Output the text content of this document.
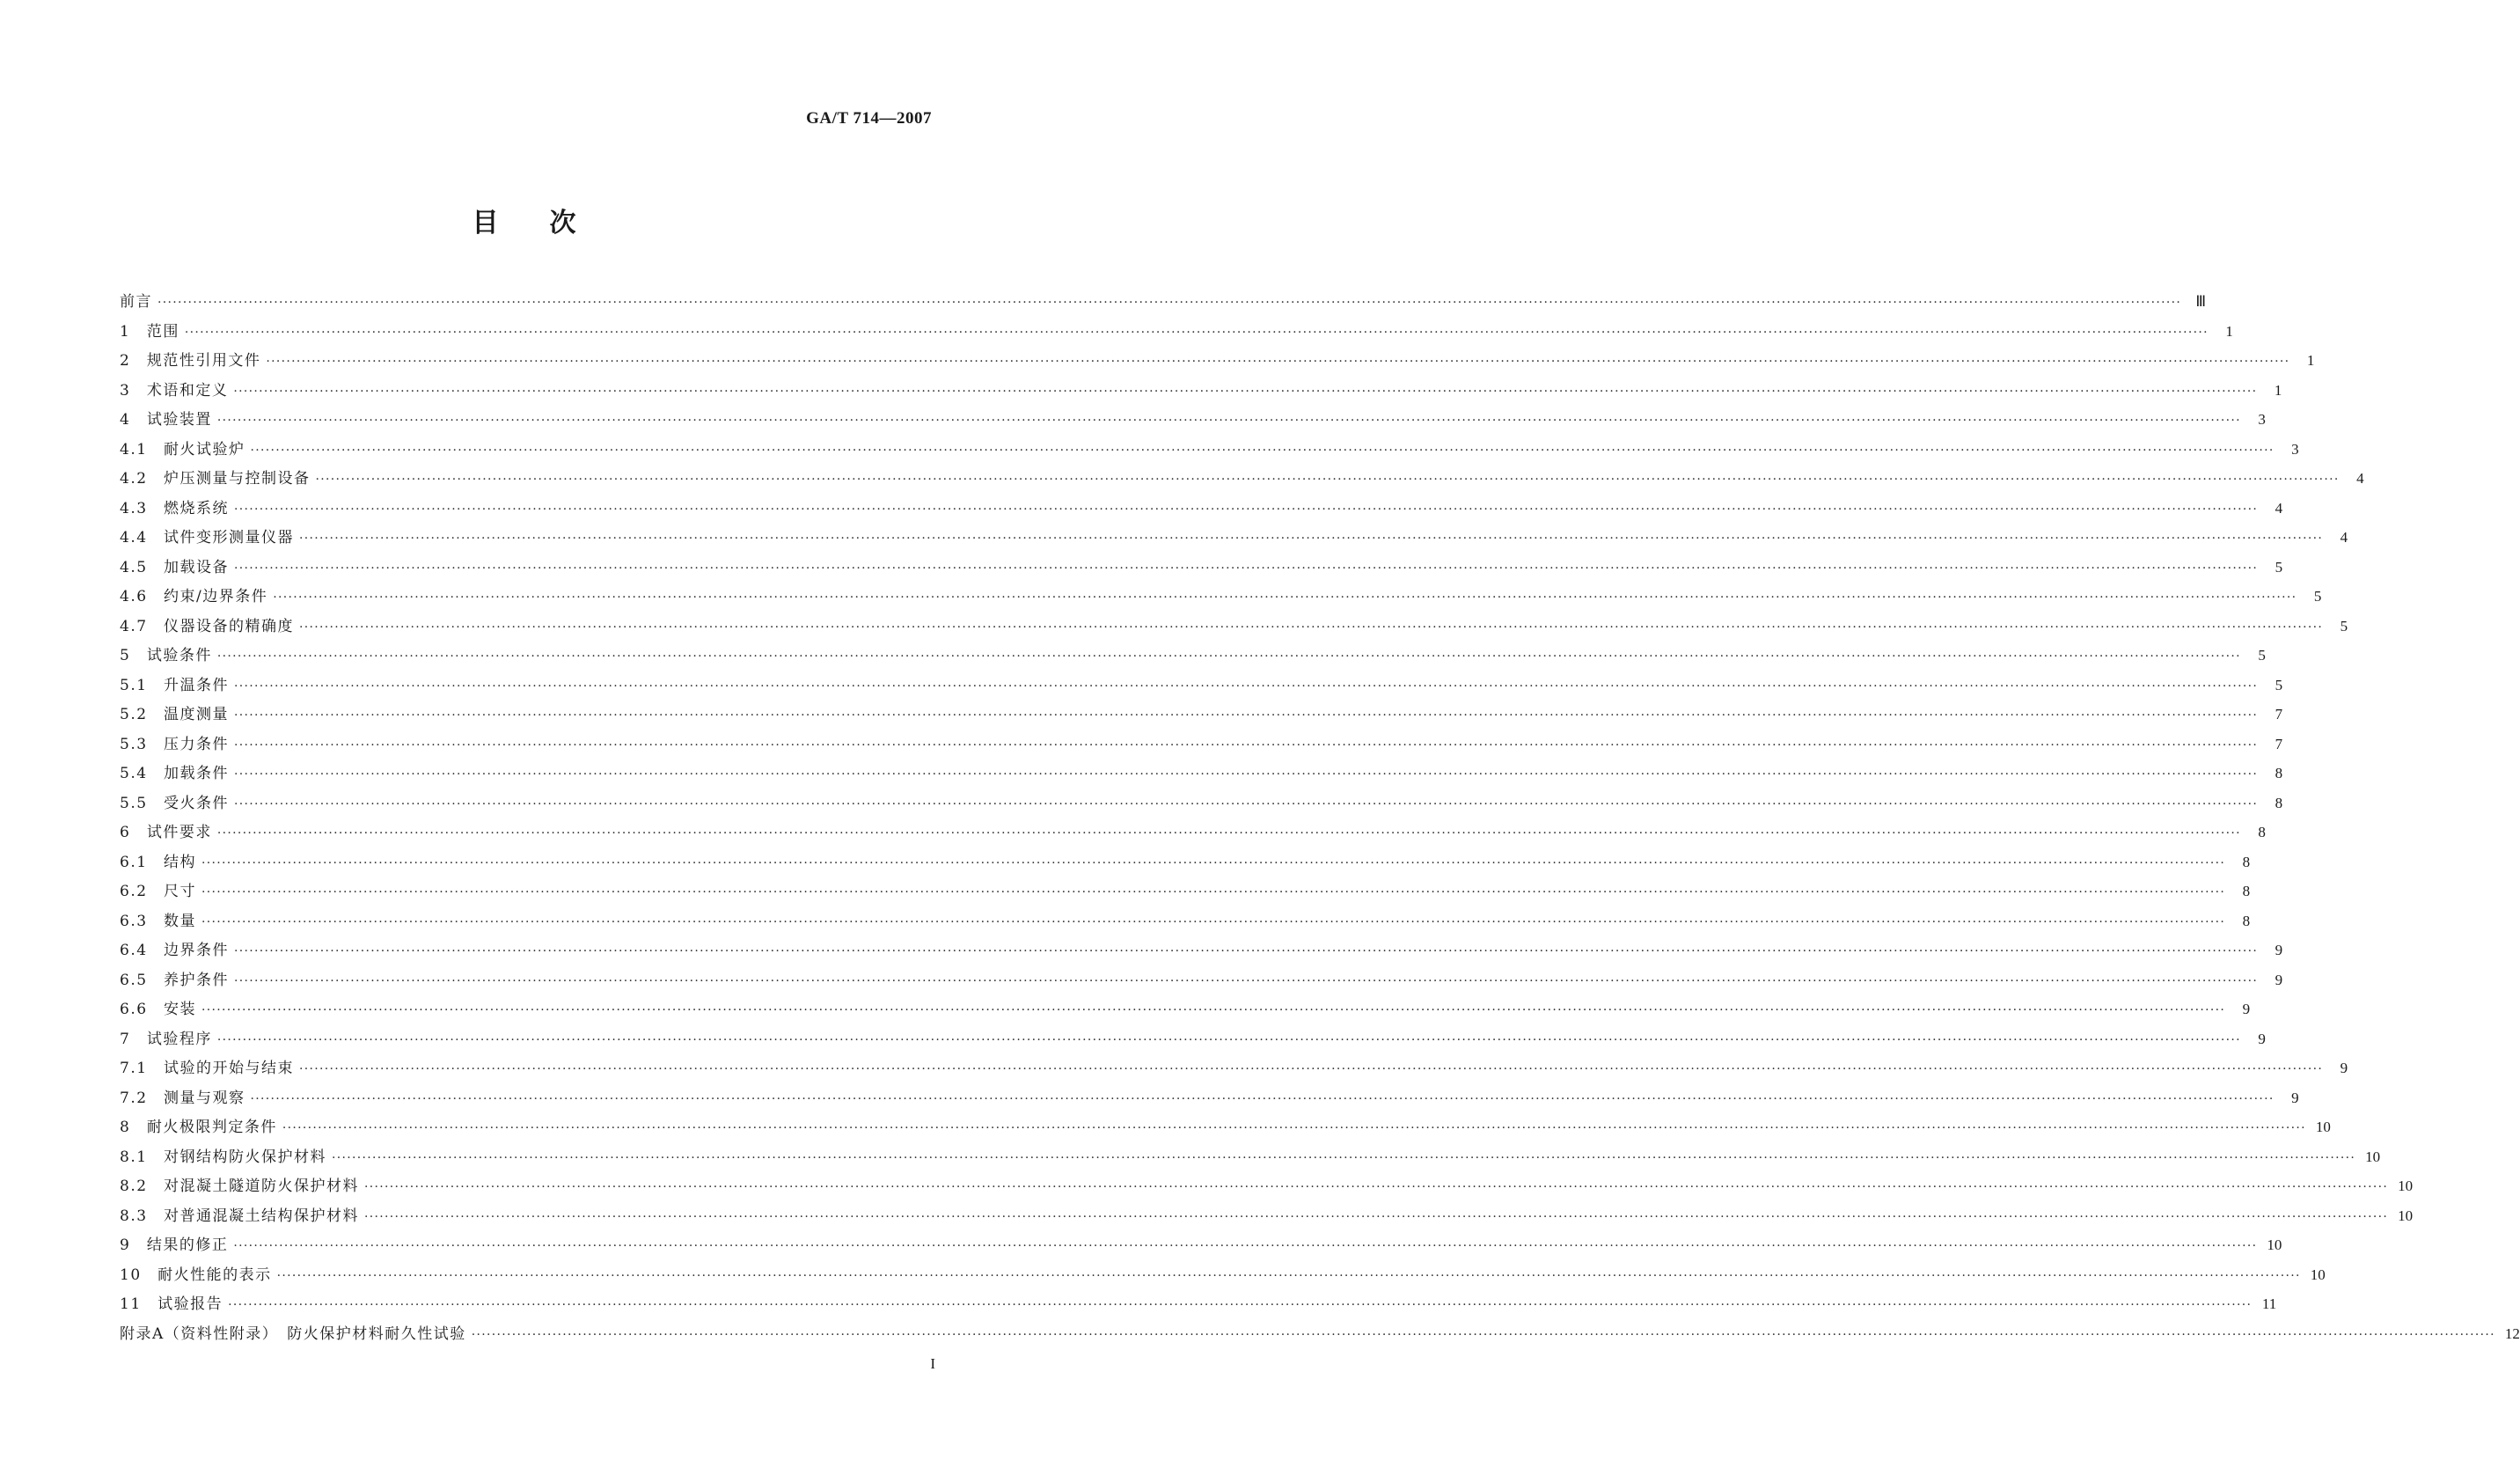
GA/T 714—2007
目 次
前言 ················································································································································································································································································································································································································ Ⅲ
1　范围 ················································································································································································································································································································································································································	1
2　规范性引用文件 ················································································································································································································································································································································································································	1
3　术语和定义 ················································································································································································································································································································································································································	1
4　试验装置 ················································································································································································································································································································································································································	3
4.1　耐火试验炉 ················································································································································································································································································································································································································	3
4.2　炉压测量与控制设备 ················································································································································································································································································································································································································	4
4.3　燃烧系统 ················································································································································································································································································································································································································	4
4.4　试件变形测量仪器 ················································································································································································································································································································································································································	4
4.5　加载设备 ················································································································································································································································································································································································································	5
4.6　约束/边界条件 ················································································································································································································································································································································································································	5
4.7　仪器设备的精确度 ················································································································································································································································································································································································································	5
5　试验条件 ················································································································································································································································································································································································································	5
5.1　升温条件 ················································································································································································································································································································································································································	5
5.2　温度测量 ················································································································································································································································································································································································································	7
5.3　压力条件 ················································································································································································································································································································································································································	7
5.4　加载条件 ················································································································································································································································································································································································································	8
5.5　受火条件 ················································································································································································································································································································································································································	8
6　试件要求 ················································································································································································································································································································································································································	8
6.1　结构 ················································································································································································································································································································································································································	8
6.2　尺寸 ················································································································································································································································································································································································································	8
6.3　数量 ················································································································································································································································································································································································································	8
6.4　边界条件 ················································································································································································································································································································································································································	9
6.5　养护条件 ················································································································································································································································································································································································································	9
6.6　安装 ················································································································································································································································································································································································································	9
7　试验程序 ················································································································································································································································································································································································································	9
7.1　试验的开始与结束 ················································································································································································································································································································································································································	9
7.2　测量与观察 ················································································································································································································································································································································································································	9
8　耐火极限判定条件 ················································································································································································································································································································································································································ 10
8.1　对钢结构防火保护材料 ················································································································································································································································································································································································································ 10
8.2　对混凝土隧道防火保护材料 ················································································································································································································································································································································································································ 10
8.3　对普通混凝土结构保护材料 ················································································································································································································································································································································································································ 10
9　结果的修正 ················································································································································································································································································································································································································ 10
10　耐火性能的表示 ················································································································································································································································································································································································································ 10
11　试验报告 ················································································································································································································································································································································································································ 11
附录A（资料性附录）　防火保护材料耐久性试验 ················································································································································································································································································································································································································ 12
I
